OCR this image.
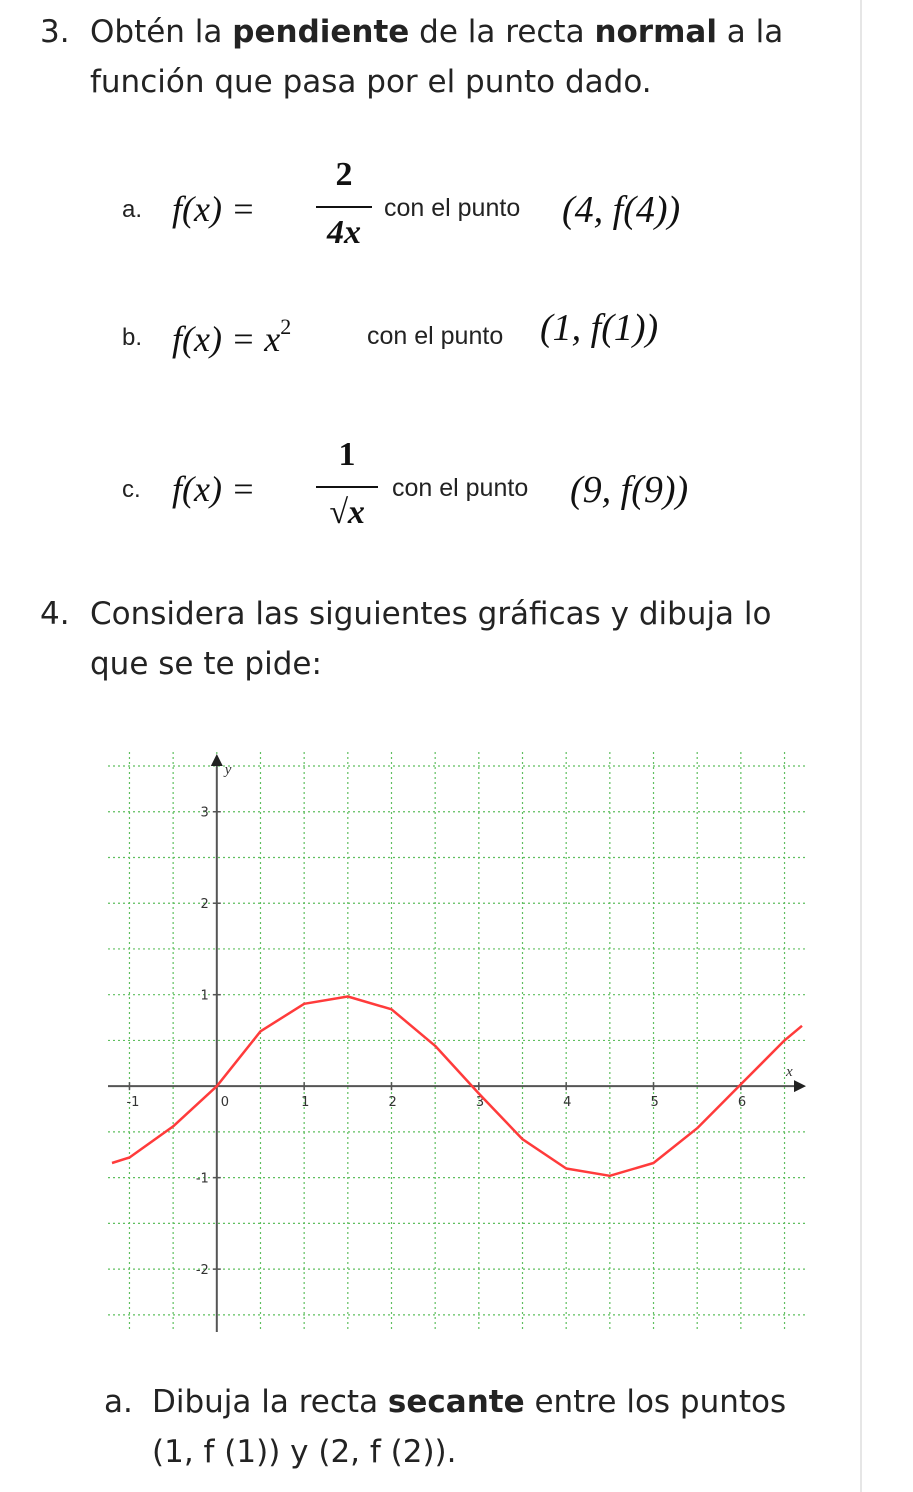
3. Obtén la pendiente de la recta normal a la
función que pasa por el punto dado.
a. f(x) =
2
4x
con el punto (4, f(4))
b. $f(x) = x^2$	con el punto (1, f(1))
c. f(x) =
1
√x
con el punto (9, f(9))
4. Considera las siguientes gráficas y dibuja lo
que se te pide:
x
y
-1	0	1	2	3	4	5	6
3
2
1
-1
-2
a. Dibuja la recta secante entre los puntos
(1, f (1)) y (2, f (2)).
